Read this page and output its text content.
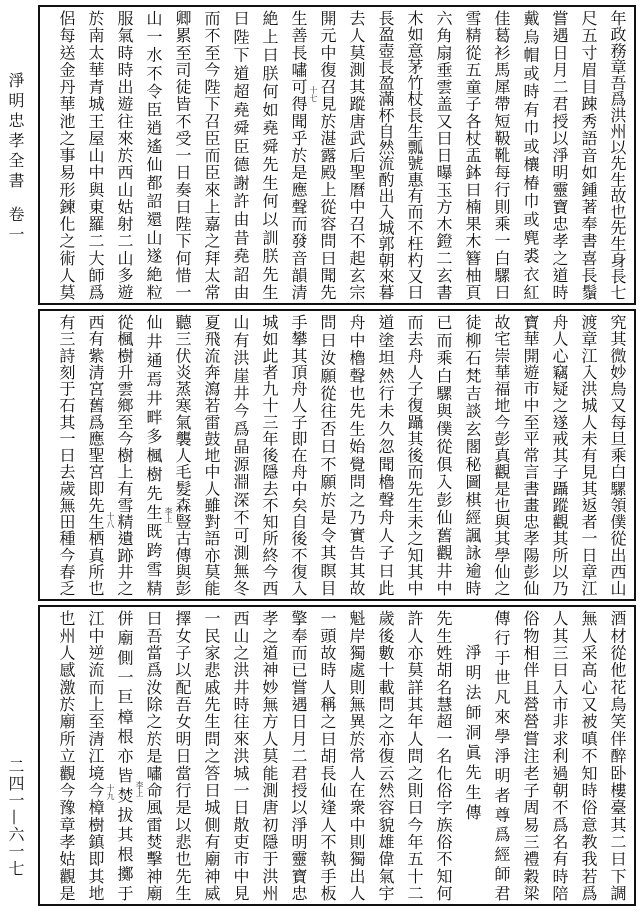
淨明忠孝全書
卷一
二四一—六一七
年政務章吾爲洪州以先生故也先生身長七
尺五寸眉目踈秀語音如鍾著奉書喜長鬚
嘗遇日月二君授以淨明靈寶忠孝之道時
戴烏帽或時有巾或欀椿巾或麂裘衣紅
佳葛衫馬犀帶短靸靴每行則乘一白騾曰
雪精從五童子各杖盂鉢曰楠果木簪柚頁
六角扇垂雲盖又曰日曝玉方木鐙二玄書
木如意茅竹杖長生瓢號惠有而不枉杓又曰
長盈壺長盈滿杯自然流酌出入城郭朝來暮
去人莫測其蹤唐武后聖曆中召不起玄宗
開元中復召見於湛露殿上從容問曰聞先
生善長嘯可得聞乎於是應聲而發音韻清
絶上曰朕何如堯舜先生何以訓朕先生
曰陛下道超堯舜臣德謝許由昔堯詔由
而不至今陛下召臣而臣來上嘉之拜太常
卿累至司徒皆不受一日奏曰陛下何惜一
山一水不令臣逍遙仙都詔還山遂絶粒
服氣時時出遊往來於西山姑射二山多遊
於南太華青城王屋山中與東羅二大師爲
侶每送金丹華池之事易形鍊化之術人莫
究其微妙鳥又每旦乘白騾領僕從出西山
渡章江入洪城人未有見其返者一日章江
舟人心竊疑之遂戒其子躡蹤觀其所以乃
寶華開遊市中至平常言書畫忠孝陽彭仙
故宅崇華福地今彭真觀是也與其學仙之
徒柳石梵吉談玄閣秘圖棋經諷詠逾時
已而乘白騾與僕從俱入彭仙舊觀井中
而去舟人子復躡其後而先生未之知其中
道塗坦然行未久忽聞櫓聲舟人子曰此
舟中櫓聲也先生始覺問之乃實告其故
問曰汝願從往否曰不願於是令其瞑目
手攀其頂舟人子即在舟中矣自後不復入
城如此者九十三年後隱去不知所終今西
山有洪崖井今爲晶源淵深不可測無冬
夏飛流奔瀉若雷鼓地中人雖對語亦莫能
聽三伏炎蒸寒氣襲人毛髮森豎古傳與彭
仙井通焉井畔多楓樹先生既跨雪精
從楓樹升雲鄉至今樹上有雪精遺跡井之
西有紫清宮舊爲應聖宮即先生栖真所也
有三詩刻于石其一曰去歲無田種今春乏
酒材從他花鳥笑伴醉卧樓臺其二曰下調
無人采高心又被嗔不知時俗意教我若爲
人其三曰入市非求利過朝不爲名有時陪
俗物相伴且營營嘗注老子周易三禮穀梁
傳行于世凡來學淨明者尊爲經師君
淨明法師洞眞先生傳
先生姓胡名慧超一名化俗字族俗不知何
許人亦莫詳其年人問之則曰今年五十二
歲後數十載問之亦復云然容貌雄偉氣宇
魁岸獨處則無異於常人在衆中則獨出人
一頭故時人稱之曰胡長仙逢人不執手板
擎奉而已嘗遇日月二君授以淨明靈寶忠
孝之道神妙無方人莫能測唐初隱于洪州
西山之洪井時往來洪城一日散吏市中見
一民家悲戚先生問之答曰城側有廟神威
擇女子以配吾女明日當行是以悲也先生
曰吾當爲汝除之於是嘯命風雷焚擊神廟
併廟側一巨樟根亦皆焚拔其根擲于
江中逆流而上至清江境今樟樹鎮即其地
也州人感激於廟所立觀今豫章孝姑觀是
十七
李上
十八
李上
十九
